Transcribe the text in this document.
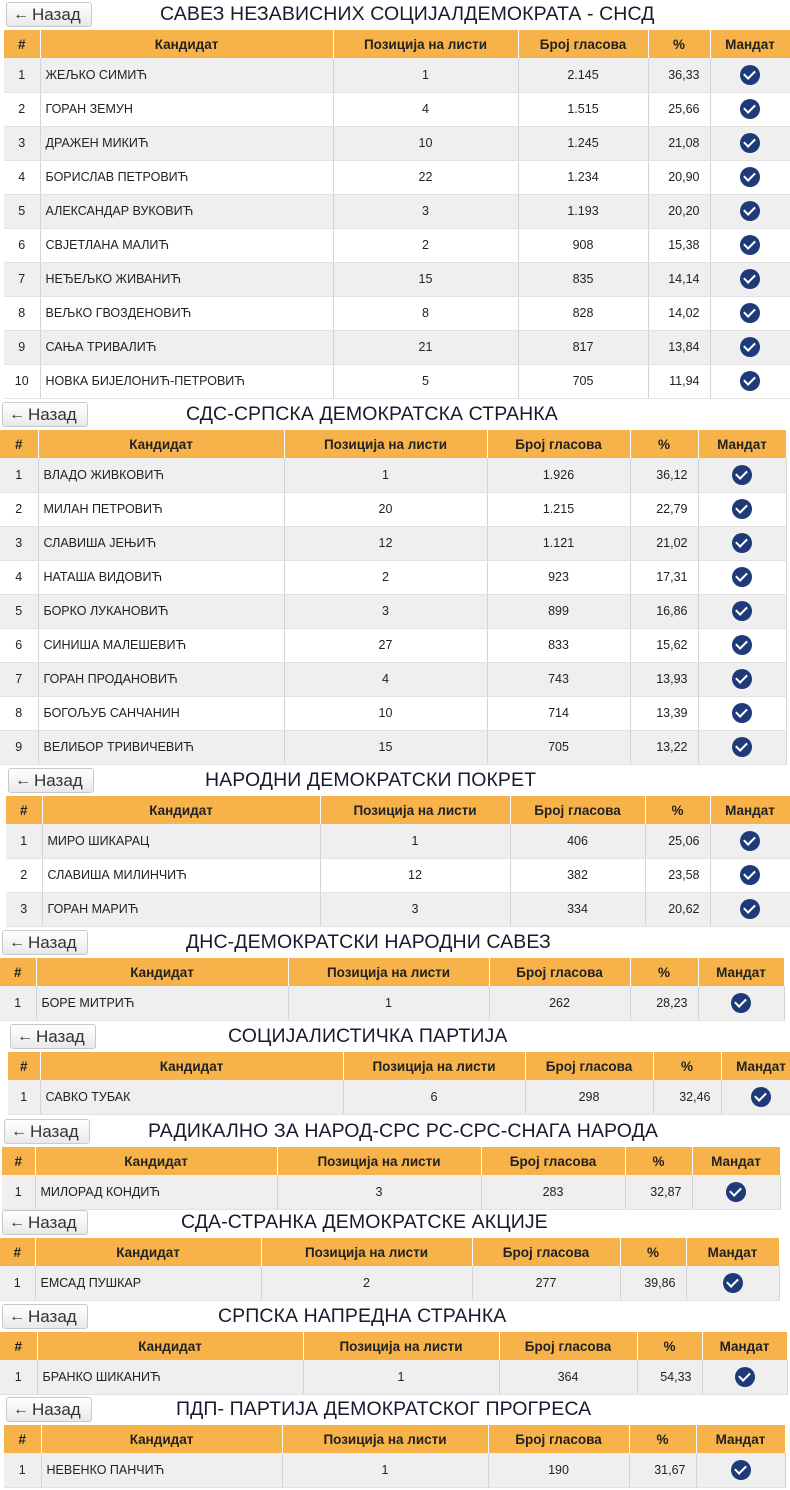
← Назад	САВЕЗ НЕЗАВИСНИХ СОЦИЈАЛДЕМОКРАТА - СНСД
#	Кандидат	Позиција на листи	Број гласова	%	Мандат
1	ЖЕЉКО СИМИЋ	1	2.145	36,33	
2	ГОРАН ЗЕМУН	4	1.515	25,66	
3	ДРАЖЕН МИКИЋ	10	1.245	21,08	
4	БОРИСЛАВ ПЕТРОВИЋ	22	1.234	20,90	
5	АЛЕКСАНДАР ВУКОВИЋ	3	1.193	20,20	
6	СВЈЕТЛАНА МАЛИЋ	2	908	15,38	
7	НЕЂЕЉКО ЖИВАНИЋ	15	835	14,14	
8	ВЕЉКО ГВОЗДЕНОВИЋ	8	828	14,02	
9	САЊА ТРИВАЛИЋ	21	817	13,84	
10	НОВКА БИЈЕЛОНИЋ-ПЕТРОВИЋ	5	705	11,94	
← Назад	СДС-СРПСКА ДЕМОКРАТСКА СТРАНКА
#	Кандидат	Позиција на листи	Број гласова	%	Мандат
1	ВЛАДО ЖИВКОВИЋ	1	1.926	36,12	
2	МИЛАН ПЕТРОВИЋ	20	1.215	22,79	
3	СЛАВИША ЈЕЊИЋ	12	1.121	21,02	
4	НАТАША ВИДОВИЋ	2	923	17,31	
5	БОРКО ЛУКАНОВИЋ	3	899	16,86	
6	СИНИША МАЛЕШЕВИЋ	27	833	15,62	
7	ГОРАН ПРОДАНОВИЋ	4	743	13,93	
8	БОГОЉУБ САНЧАНИН	10	714	13,39	
9	ВЕЛИБОР ТРИВИЧЕВИЋ	15	705	13,22	
← Назад	НАРОДНИ ДЕМОКРАТСКИ ПОКРЕТ
#	Кандидат	Позиција на листи	Број гласова	%	Мандат
1	МИРО ШИКАРАЦ	1	406	25,06	
2	СЛАВИША МИЛИНЧИЋ	12	382	23,58	
3	ГОРАН МАРИЋ	3	334	20,62	
← Назад	ДНС-ДЕМОКРАТСКИ НАРОДНИ САВЕЗ
#	Кандидат	Позиција на листи	Број гласова	%	Мандат
1	БОРЕ МИТРИЋ	1	262	28,23	
← Назад	СОЦИЈАЛИСТИЧКА ПАРТИЈА
#	Кандидат	Позиција на листи	Број гласова	%	Мандат
1	САВКО ТУБАК	6	298	32,46	
← Назад	РАДИКАЛНО ЗА НАРОД-СРС РС-СРС-СНАГА НАРОДА
#	Кандидат	Позиција на листи	Број гласова	%	Мандат
1	МИЛОРАД КОНДИЋ	3	283	32,87	
← Назад	СДА-СТРАНКА ДЕМОКРАТСКЕ АКЦИЈЕ
#	Кандидат	Позиција на листи	Број гласова	%	Мандат
1	ЕМСАД ПУШКАР	2	277	39,86	
← Назад	СРПСКА НАПРЕДНА СТРАНКА
#	Кандидат	Позиција на листи	Број гласова	%	Мандат
1	БРАНКО ШИКАНИЋ	1	364	54,33	
← Назад	ПДП- ПАРТИЈА ДЕМОКРАТСКОГ ПРОГРЕСА
#	Кандидат	Позиција на листи	Број гласова	%	Мандат
1	НЕВЕНКО ПАНЧИЋ	1	190	31,67	
